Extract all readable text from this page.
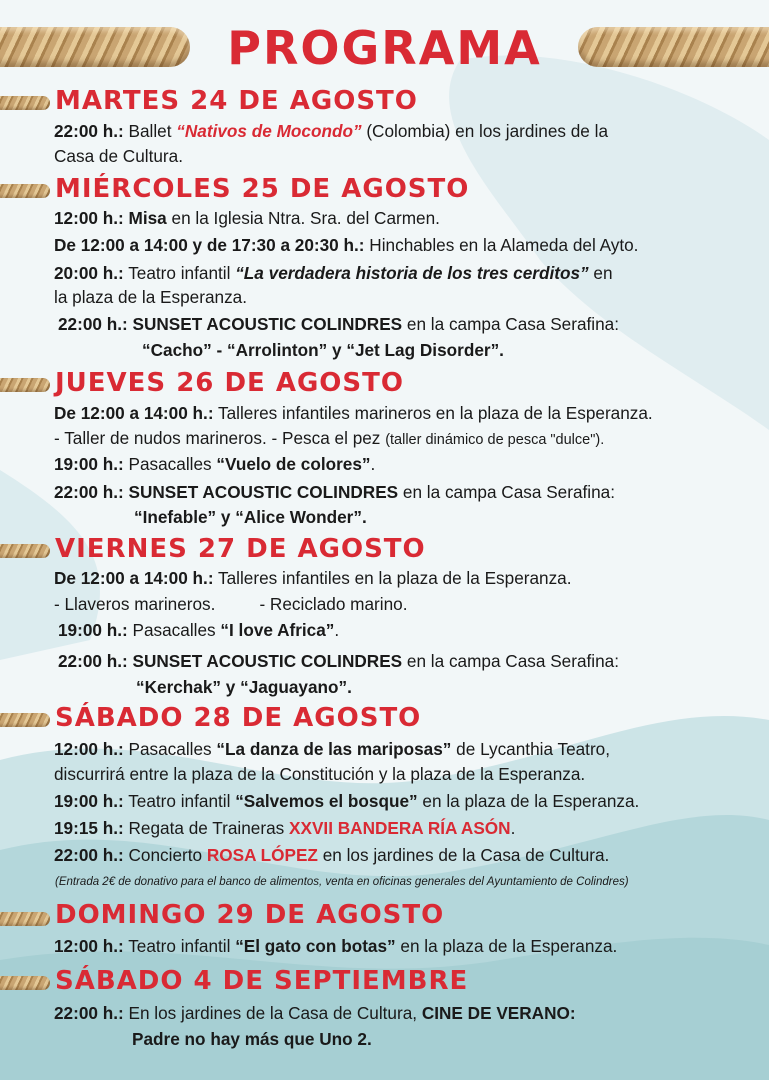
PROGRAMA
MARTES 24 DE AGOSTO
22:00 h.: Ballet “Nativos de Mocondo” (Colombia) en los jardines de la
Casa de Cultura.
MIÉRCOLES 25 DE AGOSTO
12:00 h.: Misa en la Iglesia Ntra. Sra. del Carmen.
De 12:00 a 14:00 y de 17:30 a 20:30 h.: Hinchables en la Alameda del Ayto.
20:00 h.: Teatro infantil “La verdadera historia de los tres cerditos” en
la plaza de la Esperanza.
22:00 h.: SUNSET ACOUSTIC COLINDRES en la campa Casa Serafina:
“Cacho” - “Arrolinton” y “Jet Lag Disorder”.
JUEVES 26 DE AGOSTO
De 12:00 a 14:00 h.: Talleres infantiles marineros en la plaza de la Esperanza.
- Taller de nudos marineros. - Pesca el pez (taller dinámico de pesca "dulce").
19:00 h.: Pasacalles “Vuelo de colores”.
22:00 h.: SUNSET ACOUSTIC COLINDRES en la campa Casa Serafina:
“Inefable” y “Alice Wonder”.
VIERNES 27 DE AGOSTO
De 12:00 a 14:00 h.: Talleres infantiles en la plaza de la Esperanza.
- Llaveros marineros.	- Reciclado marino.
19:00 h.: Pasacalles “I love Africa”.
22:00 h.: SUNSET ACOUSTIC COLINDRES en la campa Casa Serafina:
“Kerchak” y “Jaguayano”.
SÁBADO 28 DE AGOSTO
12:00 h.: Pasacalles “La danza de las mariposas” de Lycanthia Teatro,
discurrirá entre la plaza de la Constitución y la plaza de la Esperanza.
19:00 h.: Teatro infantil “Salvemos el bosque” en la plaza de la Esperanza.
19:15 h.: Regata de Traineras XXVII BANDERA RÍA ASÓN.
22:00 h.: Concierto ROSA LÓPEZ en los jardines de la Casa de Cultura.
(Entrada 2€ de donativo para el banco de alimentos, venta en oficinas generales del Ayuntamiento de Colindres)
DOMINGO 29 DE AGOSTO
12:00 h.: Teatro infantil “El gato con botas” en la plaza de la Esperanza.
SÁBADO 4 DE SEPTIEMBRE
22:00 h.: En los jardines de la Casa de Cultura, CINE DE VERANO:
Padre no hay más que Uno 2.
